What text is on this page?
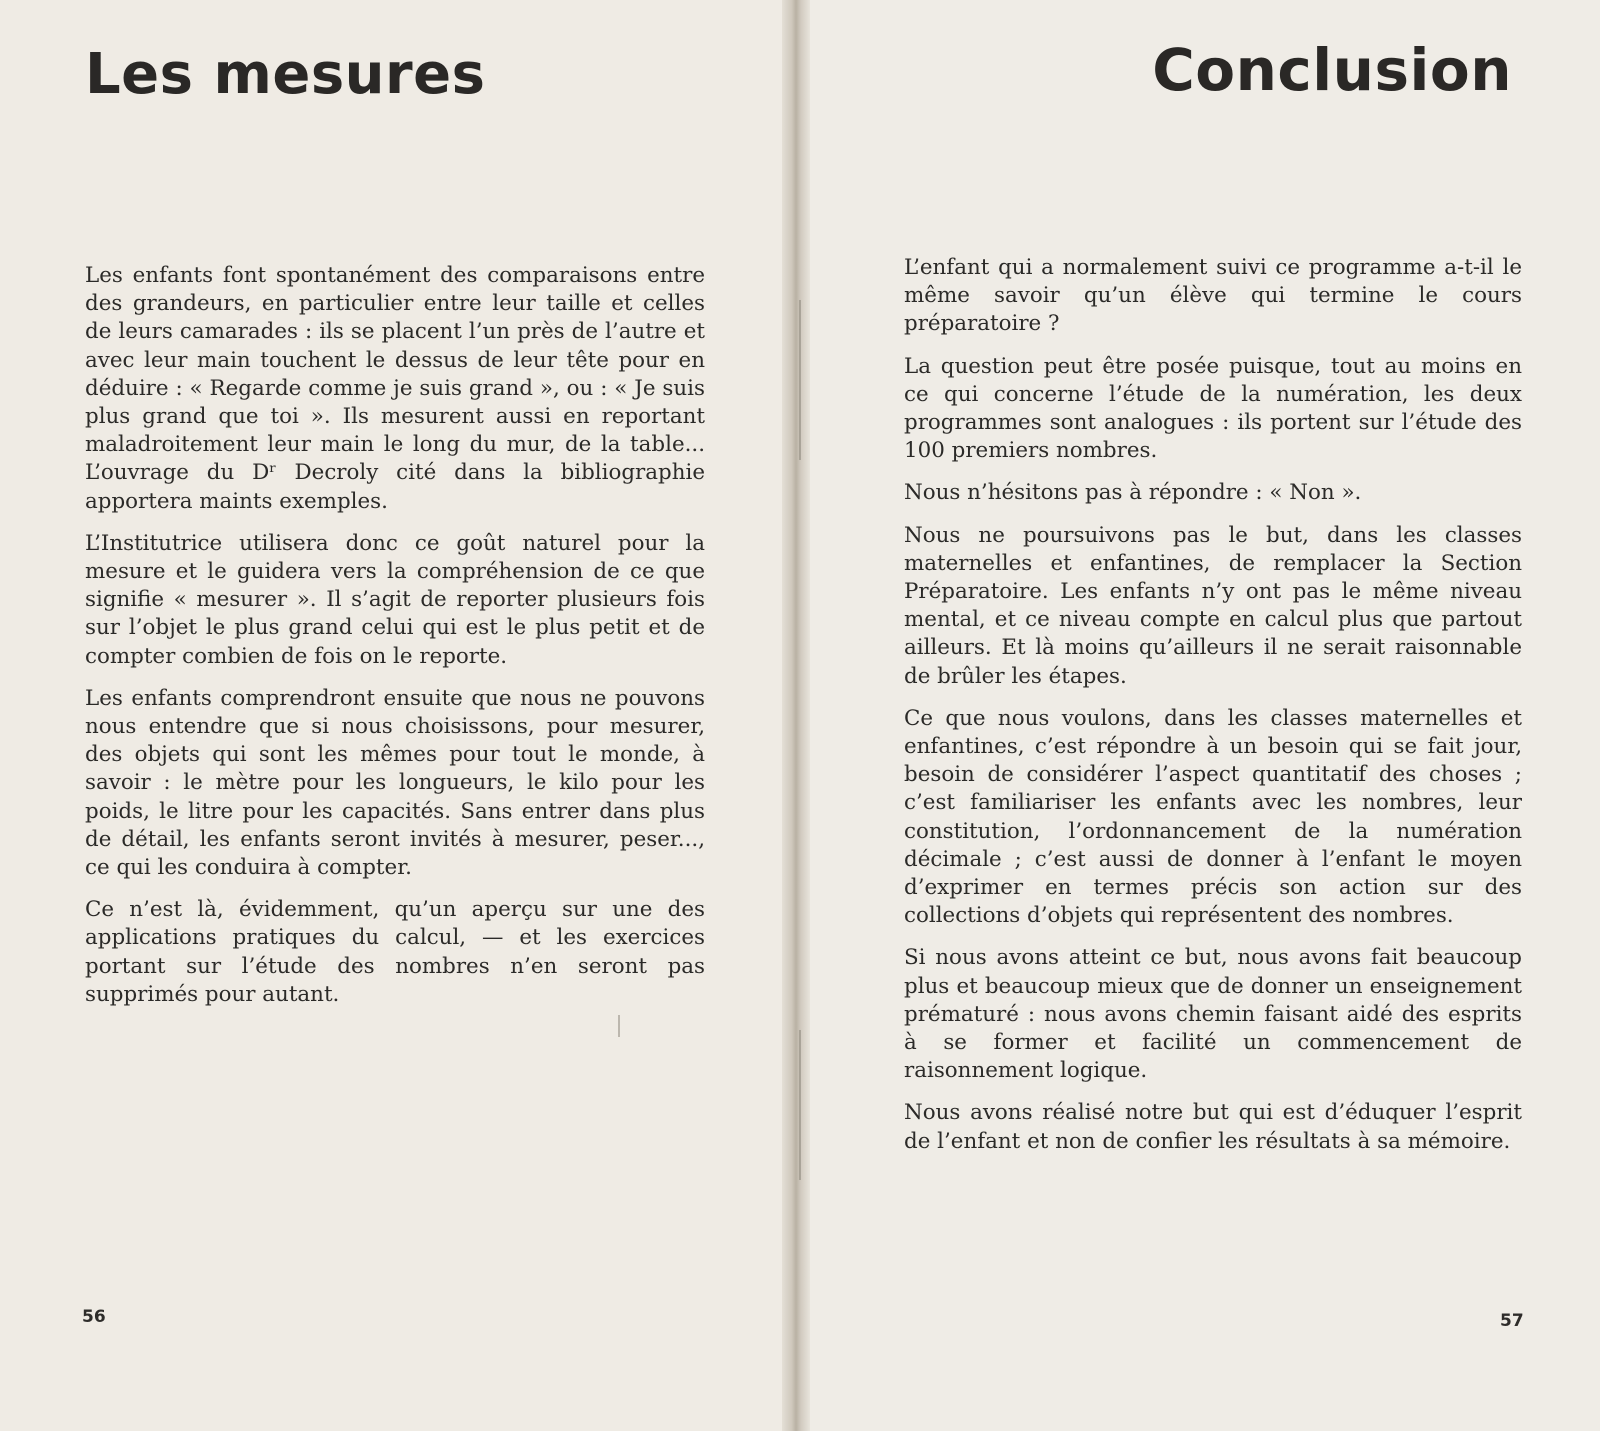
Les mesures

Les enfants font spontanément des comparaisons entre des grandeurs, en particulier entre leur taille et celles de leurs camarades : ils se placent l’un près de l’autre et avec leur main touchent le dessus de leur tête pour en déduire : « Regarde comme je suis grand », ou : « Je suis plus grand que toi ». Ils mesurent aussi en reportant maladroitement leur main le long du mur, de la table... L’ouvrage du Dʳ Decroly cité dans la bibliographie apportera maints exemples.

L’Institutrice utilisera donc ce goût naturel pour la mesure et le guidera vers la compréhension de ce que signifie « mesurer ». Il s’agit de reporter plusieurs fois sur l’objet le plus grand celui qui est le plus petit et de compter combien de fois on le reporte.

Les enfants comprendront ensuite que nous ne pouvons nous entendre que si nous choisissons, pour mesurer, des objets qui sont les mêmes pour tout le monde, à savoir : le mètre pour les longueurs, le kilo pour les poids, le litre pour les capacités. Sans entrer dans plus de détail, les enfants seront invités à mesurer, peser..., ce qui les conduira à compter.

Ce n’est là, évidemment, qu’un aperçu sur une des applications pratiques du calcul, — et les exercices portant sur l’étude des nombres n’en seront pas supprimés pour autant.

56
Conclusion

L’enfant qui a normalement suivi ce programme a-t-il le même savoir qu’un élève qui termine le cours préparatoire ?

La question peut être posée puisque, tout au moins en ce qui concerne l’étude de la numération, les deux programmes sont analogues : ils portent sur l’étude des 100 premiers nombres.

Nous n’hésitons pas à répondre : « Non ».

Nous ne poursuivons pas le but, dans les classes maternelles et enfantines, de remplacer la Section Préparatoire. Les enfants n’y ont pas le même niveau mental, et ce niveau compte en calcul plus que partout ailleurs. Et là moins qu’ailleurs il ne serait raisonnable de brûler les étapes.

Ce que nous voulons, dans les classes maternelles et enfantines, c’est répondre à un besoin qui se fait jour, besoin de considérer l’aspect quantitatif des choses ; c’est familiariser les enfants avec les nombres, leur constitution, l’ordonnancement de la numération décimale ; c’est aussi de donner à l’enfant le moyen d’exprimer en termes précis son action sur des collections d’objets qui représentent des nombres.

Si nous avons atteint ce but, nous avons fait beaucoup plus et beaucoup mieux que de donner un enseignement prématuré : nous avons chemin faisant aidé des esprits à se former et facilité un commencement de raisonnement logique.

Nous avons réalisé notre but qui est d’éduquer l’esprit de l’enfant et non de confier les résultats à sa mémoire.

57
